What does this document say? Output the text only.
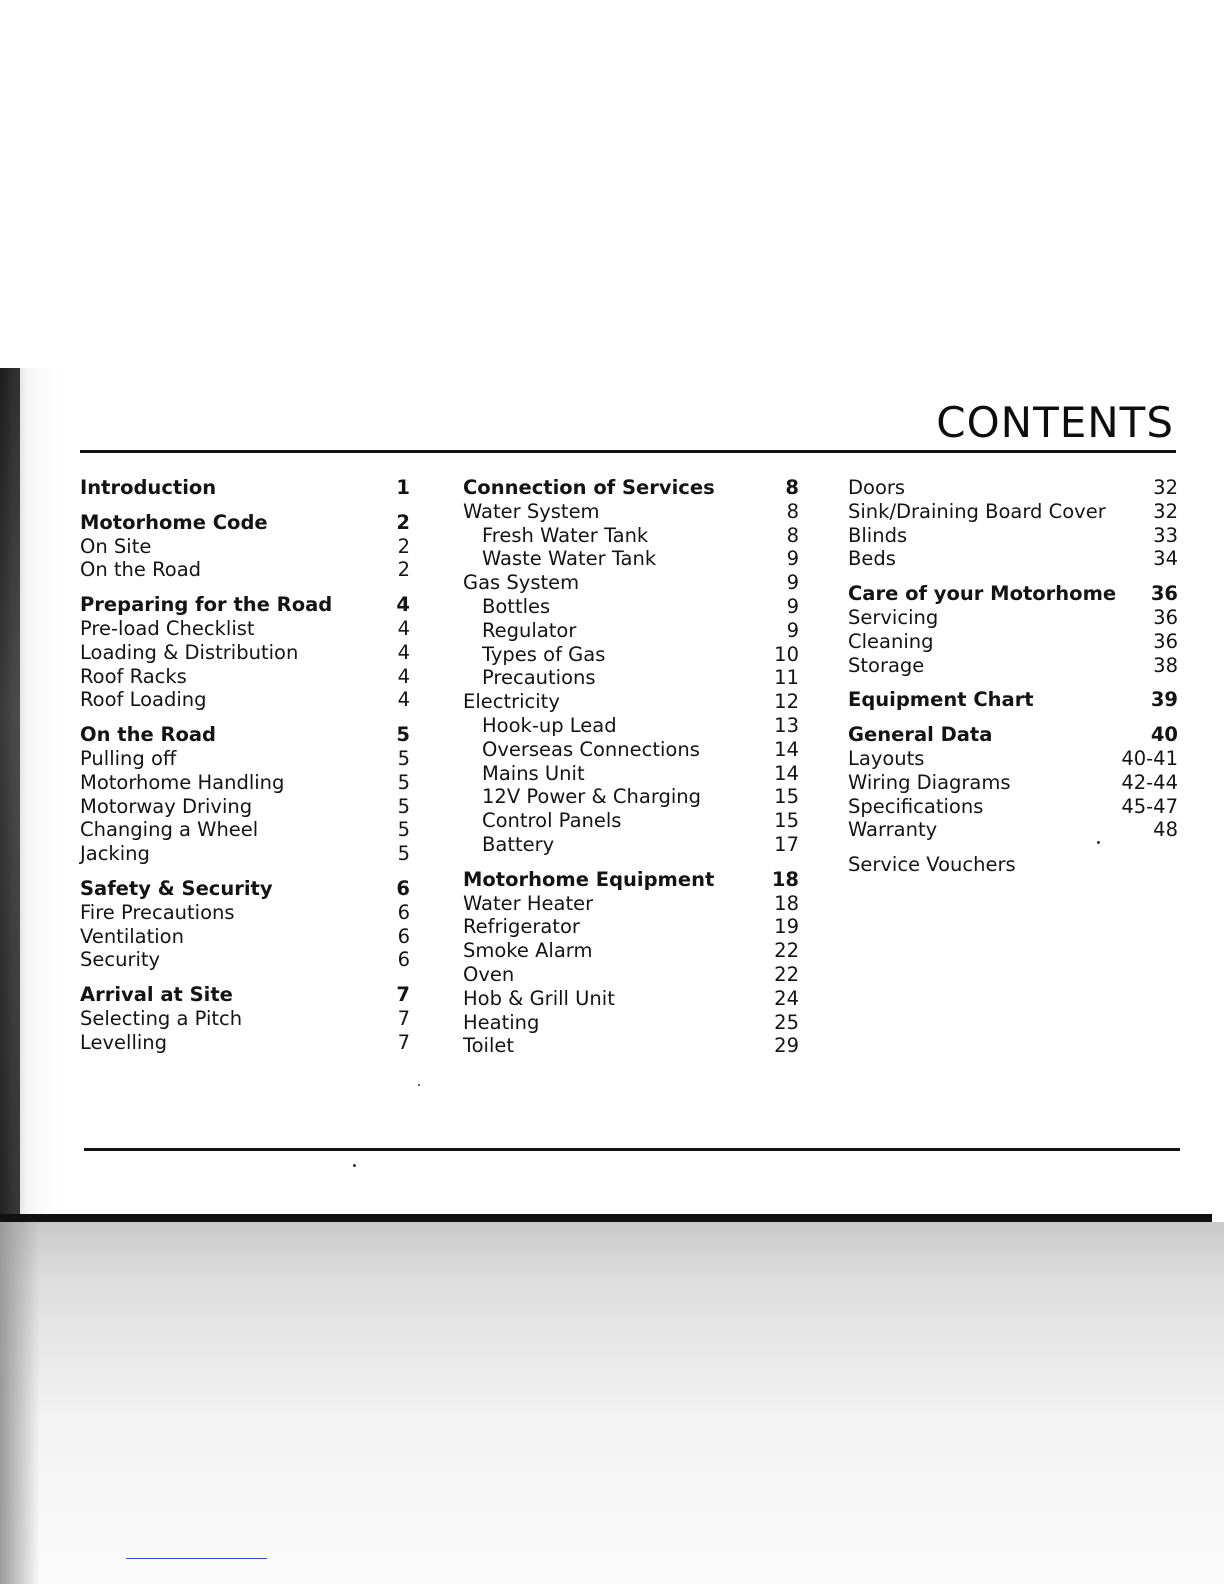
CONTENTS
Introduction	1
Motorhome Code	2
On Site	2
On the Road	2
Preparing for the Road	4
Pre-load Checklist	4
Loading & Distribution	4
Roof Racks	4
Roof Loading	4
On the Road	5
Pulling off	5
Motorhome Handling	5
Motorway Driving	5
Changing a Wheel	5
Jacking	5
Safety & Security	6
Fire Precautions	6
Ventilation	6
Security	6
Arrival at Site	7
Selecting a Pitch	7
Levelling	7
Connection of Services	8
Water System	8
Fresh Water Tank	8
Waste Water Tank	9
Gas System	9
Bottles	9
Regulator	9
Types of Gas	10
Precautions	11
Electricity	12
Hook-up Lead	13
Overseas Connections	14
Mains Unit	14
12V Power & Charging	15
Control Panels	15
Battery	17
Motorhome Equipment	18
Water Heater	18
Refrigerator	19
Smoke Alarm	22
Oven	22
Hob & Grill Unit	24
Heating	25
Toilet	29
Doors	32
Sink/Draining Board Cover	32
Blinds	33
Beds	34
Care of your Motorhome	36
Servicing	36
Cleaning	36
Storage	38
Equipment Chart	39
General Data	40
Layouts	40-41
Wiring Diagrams	42-44
Specifications	45-47
Warranty	48
Service Vouchers
